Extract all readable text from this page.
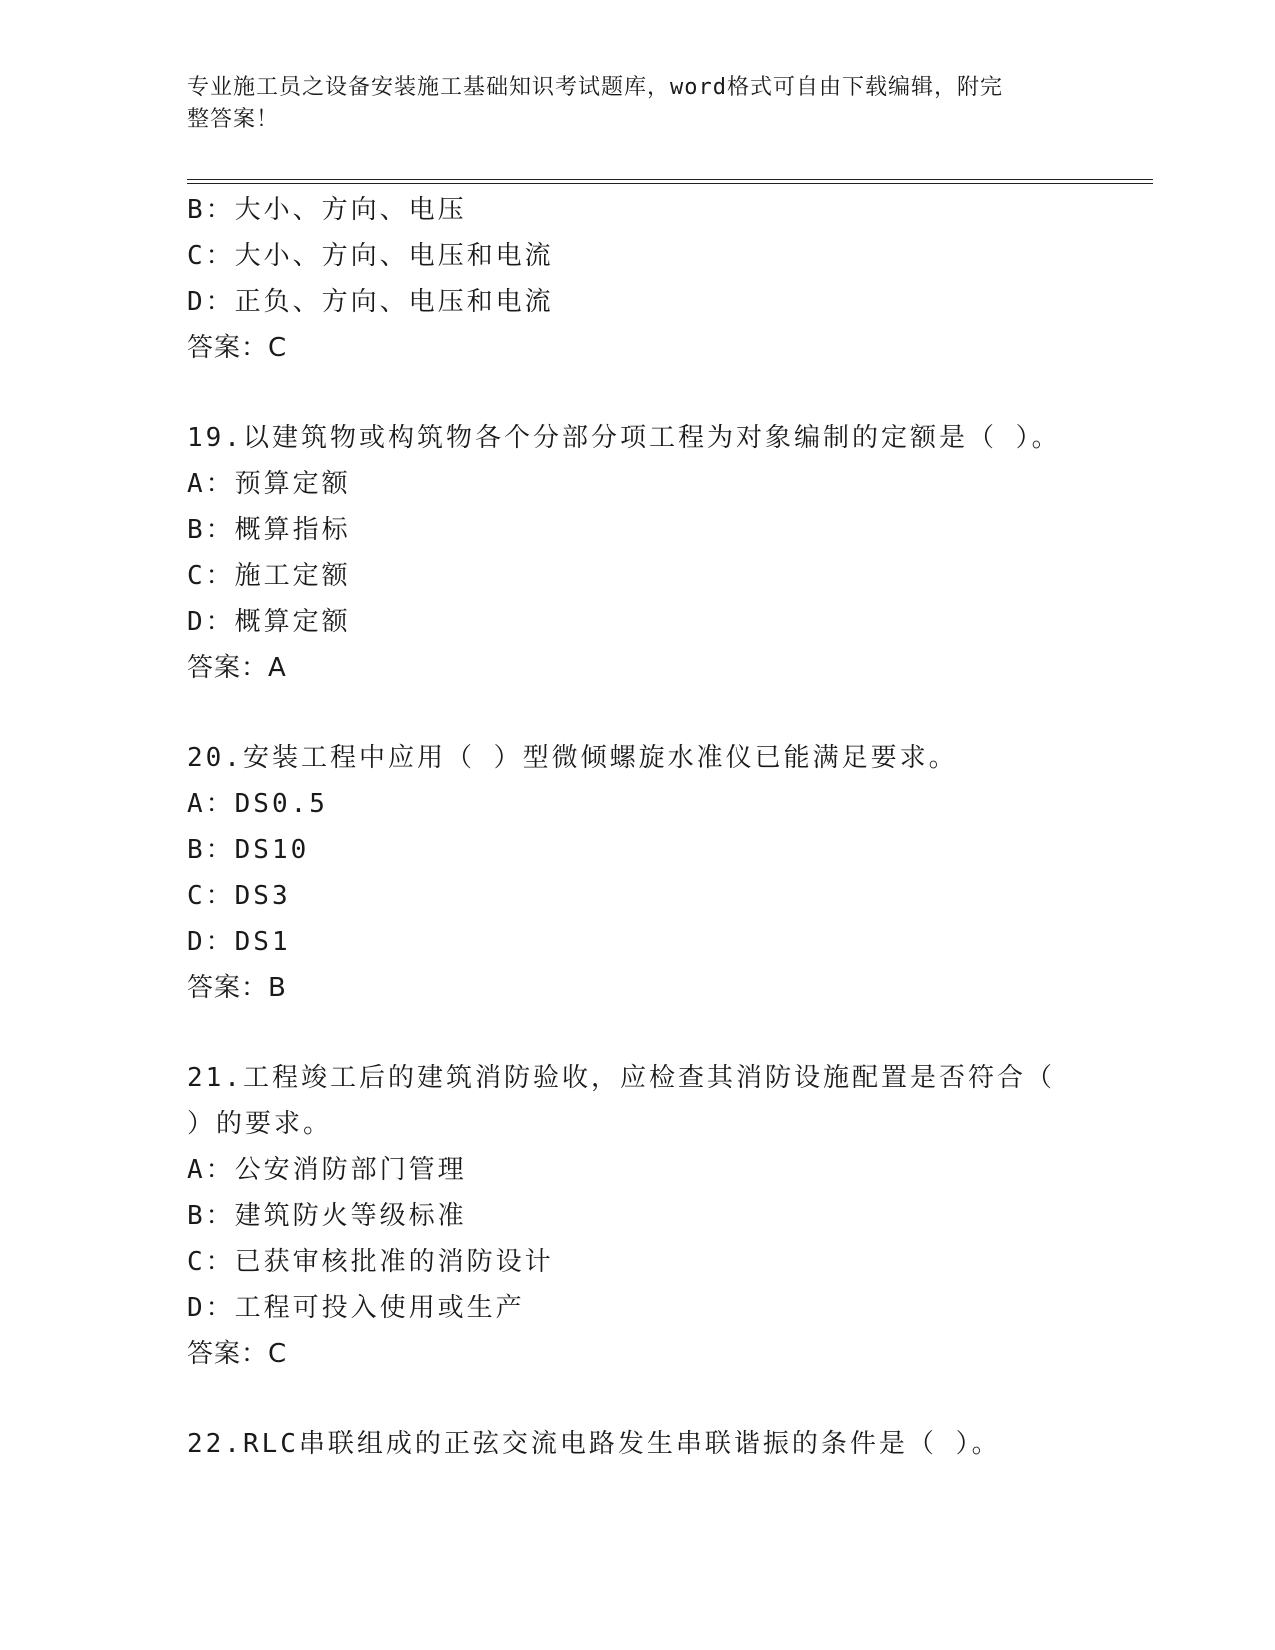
专业施工员之设备安装施工基础知识考试题库，word格式可自由下载编辑，附完
整答案！
B：大小、方向、电压
C：大小、方向、电压和电流
D：正负、方向、电压和电流
答案：C
19.以建筑物或构筑物各个分部分项工程为对象编制的定额是（ ）。
A：预算定额
B：概算指标
C：施工定额
D：概算定额
答案：A
20.安装工程中应用（ ）型微倾螺旋水准仪已能满足要求。
A：DS0.5
B：DS10
C：DS3
D：DS1
答案：B
21.工程竣工后的建筑消防验收，应检查其消防设施配置是否符合（
）的要求。
A：公安消防部门管理
B：建筑防火等级标准
C：已获审核批准的消防设计
D：工程可投入使用或生产
答案：C
22.RLC串联组成的正弦交流电路发生串联谐振的条件是（ ）。
